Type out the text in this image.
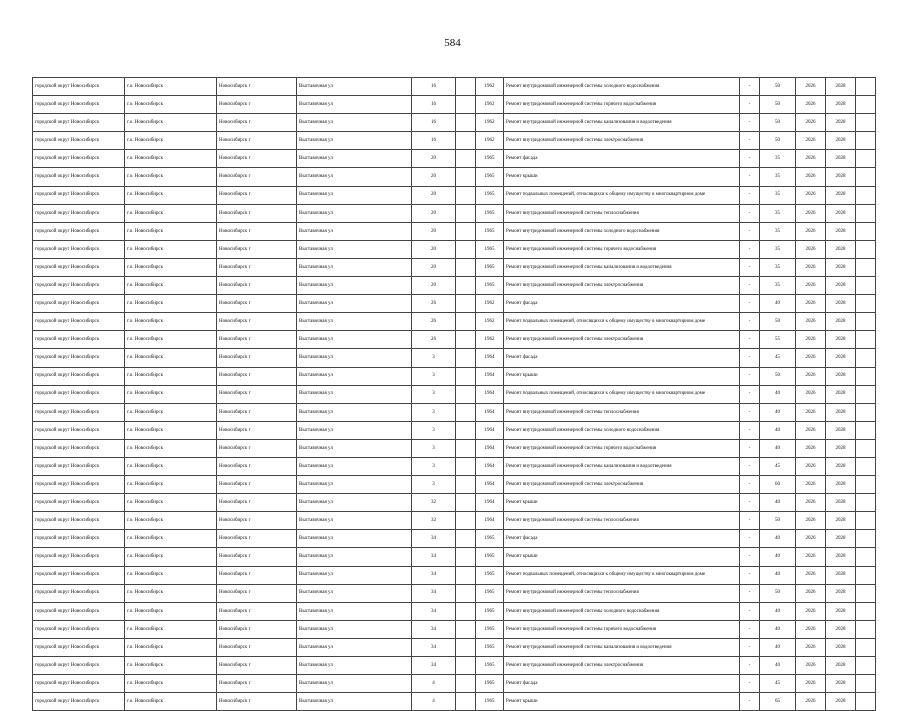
584
городской округ Новосибирск	г.о. Новосибирск	Новосибирск г	Выставочная ул	16		1962	Ремонт внутридомовой инженерной системы холодного водоснабжения	-	50	2026	2028	
городской округ Новосибирск	г.о. Новосибирск	Новосибирск г	Выставочная ул	16		1962	Ремонт внутридомовой инженерной системы горячего водоснабжения	-	50	2026	2028	
городской округ Новосибирск	г.о. Новосибирск	Новосибирск г	Выставочная ул	16		1962	Ремонт внутридомовой инженерной системы канализования и водоотведения	-	50	2026	2028	
городской округ Новосибирск	г.о. Новосибирск	Новосибирск г	Выставочная ул	16		1962	Ремонт внутридомовой инженерной системы электроснабжения	-	50	2026	2028	
городской округ Новосибирск	г.о. Новосибирск	Новосибирск г	Выставочная ул	20		1965	Ремонт фасада	-	35	2026	2028	
городской округ Новосибирск	г.о. Новосибирск	Новосибирск г	Выставочная ул	20		1965	Ремонт крыши	-	35	2026	2028	
городской округ Новосибирск	г.о. Новосибирск	Новосибирск г	Выставочная ул	20		1965	Ремонт подвальных помещений, относящихся к общему имуществу в многоквартирном доме	-	35	2026	2028	
городской округ Новосибирск	г.о. Новосибирск	Новосибирск г	Выставочная ул	20		1965	Ремонт внутридомовой инженерной системы теплоснабжения	-	35	2026	2028	
городской округ Новосибирск	г.о. Новосибирск	Новосибирск г	Выставочная ул	20		1965	Ремонт внутридомовой инженерной системы холодного водоснабжения	-	35	2026	2028	
городской округ Новосибирск	г.о. Новосибирск	Новосибирск г	Выставочная ул	20		1965	Ремонт внутридомовой инженерной системы горячего водоснабжения	-	35	2026	2028	
городской округ Новосибирск	г.о. Новосибирск	Новосибирск г	Выставочная ул	20		1965	Ремонт внутридомовой инженерной системы канализования и водоотведения	-	35	2026	2028	
городской округ Новосибирск	г.о. Новосибирск	Новосибирск г	Выставочная ул	20		1965	Ремонт внутридомовой инженерной системы электроснабжения	-	35	2026	2028	
городской округ Новосибирск	г.о. Новосибирск	Новосибирск г	Выставочная ул	26		1962	Ремонт фасада	-	40	2026	2028	
городской округ Новосибирск	г.о. Новосибирск	Новосибирск г	Выставочная ул	26		1962	Ремонт подвальных помещений, относящихся к общему имуществу в многоквартирном доме	-	50	2026	2028	
городской округ Новосибирск	г.о. Новосибирск	Новосибирск г	Выставочная ул	26		1962	Ремонт внутридомовой инженерной системы электроснабжения	-	55	2026	2028	
городской округ Новосибирск	г.о. Новосибирск	Новосибирск г	Выставочная ул	3		1964	Ремонт фасада	-	45	2026	2028	
городской округ Новосибирск	г.о. Новосибирск	Новосибирск г	Выставочная ул	3		1964	Ремонт крыши	-	50	2026	2028	
городской округ Новосибирск	г.о. Новосибирск	Новосибирск г	Выставочная ул	3		1964	Ремонт подвальных помещений, относящихся к общему имуществу в многоквартирном доме	-	40	2026	2028	
городской округ Новосибирск	г.о. Новосибирск	Новосибирск г	Выставочная ул	3		1964	Ремонт внутридомовой инженерной системы теплоснабжения	-	40	2026	2028	
городской округ Новосибирск	г.о. Новосибирск	Новосибирск г	Выставочная ул	3		1964	Ремонт внутридомовой инженерной системы холодного водоснабжения	-	40	2026	2028	
городской округ Новосибирск	г.о. Новосибирск	Новосибирск г	Выставочная ул	3		1964	Ремонт внутридомовой инженерной системы горячего водоснабжения	-	40	2026	2028	
городской округ Новосибирск	г.о. Новосибирск	Новосибирск г	Выставочная ул	3		1964	Ремонт внутридомовой инженерной системы канализования и водоотведения	-	45	2026	2028	
городской округ Новосибирск	г.о. Новосибирск	Новосибирск г	Выставочная ул	3		1964	Ремонт внутридомовой инженерной системы электроснабжения	-	60	2026	2028	
городской округ Новосибирск	г.о. Новосибирск	Новосибирск г	Выставочная ул	32		1964	Ремонт крыши	-	40	2026	2028	
городской округ Новосибирск	г.о. Новосибирск	Новосибирск г	Выставочная ул	32		1964	Ремонт внутридомовой инженерной системы теплоснабжения	-	50	2026	2028	
городской округ Новосибирск	г.о. Новосибирск	Новосибирск г	Выставочная ул	34		1965	Ремонт фасада	-	40	2026	2028	
городской округ Новосибирск	г.о. Новосибирск	Новосибирск г	Выставочная ул	34		1965	Ремонт крыши	-	40	2026	2028	
городской округ Новосибирск	г.о. Новосибирск	Новосибирск г	Выставочная ул	34		1965	Ремонт подвальных помещений, относящихся к общему имуществу в многоквартирном доме	-	40	2026	2028	
городской округ Новосибирск	г.о. Новосибирск	Новосибирск г	Выставочная ул	34		1965	Ремонт внутридомовой инженерной системы теплоснабжения	-	50	2026	2028	
городской округ Новосибирск	г.о. Новосибирск	Новосибирск г	Выставочная ул	34		1965	Ремонт внутридомовой инженерной системы холодного водоснабжения	-	40	2026	2028	
городской округ Новосибирск	г.о. Новосибирск	Новосибирск г	Выставочная ул	34		1965	Ремонт внутридомовой инженерной системы горячего водоснабжения	-	40	2026	2028	
городской округ Новосибирск	г.о. Новосибирск	Новосибирск г	Выставочная ул	34		1965	Ремонт внутридомовой инженерной системы канализования и водоотведения	-	40	2026	2028	
городской округ Новосибирск	г.о. Новосибирск	Новосибирск г	Выставочная ул	34		1965	Ремонт внутридомовой инженерной системы электроснабжения	-	40	2026	2028	
городской округ Новосибирск	г.о. Новосибирск	Новосибирск г	Выставочная ул	4		1965	Ремонт фасада	-	45	2026	2028	
городской округ Новосибирск	г.о. Новосибирск	Новосибирск г	Выставочная ул	4		1965	Ремонт крыши	-	65	2026	2028	
